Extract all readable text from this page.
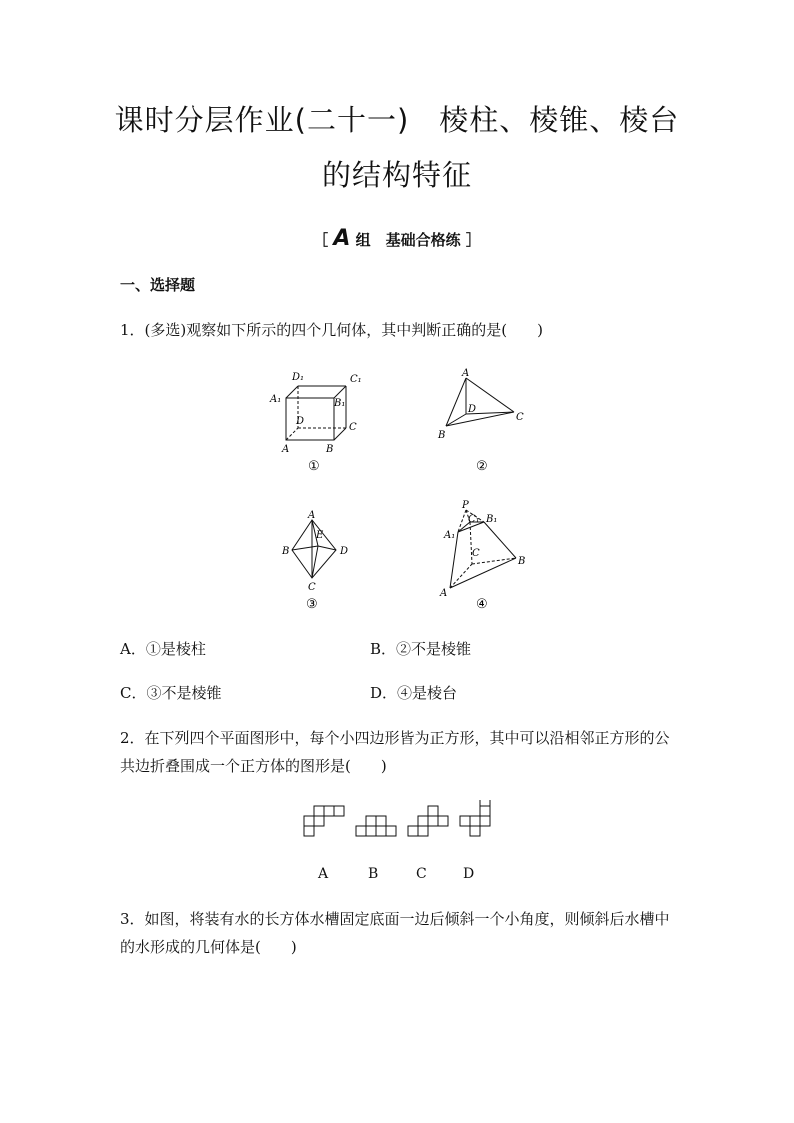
课时分层作业(二十一)　棱柱、棱锥、棱台
的结构特征
［ A 组　基础合格练 ］
一、选择题
1．(多选)观察如下所示的四个几何体，其中判断正确的是(　　)
D₁	C₁
A₁	B₁
D
C
A	B
①
A
D
C
B
②
A
E
B	D
C
③
P
C₁ B₁
A₁
C
B
A
④
A．①是棱柱	B．②不是棱锥
C．③不是棱锥	D．④是棱台
2．在下列四个平面图形中，每个小四边形皆为正方形，其中可以沿相邻正方形的公共边折叠围成一个正方体的图形是(　　)
A	B	C	D
3．如图，将装有水的长方体水槽固定底面一边后倾斜一个小角度，则倾斜后水槽中的水形成的几何体是(　　)
